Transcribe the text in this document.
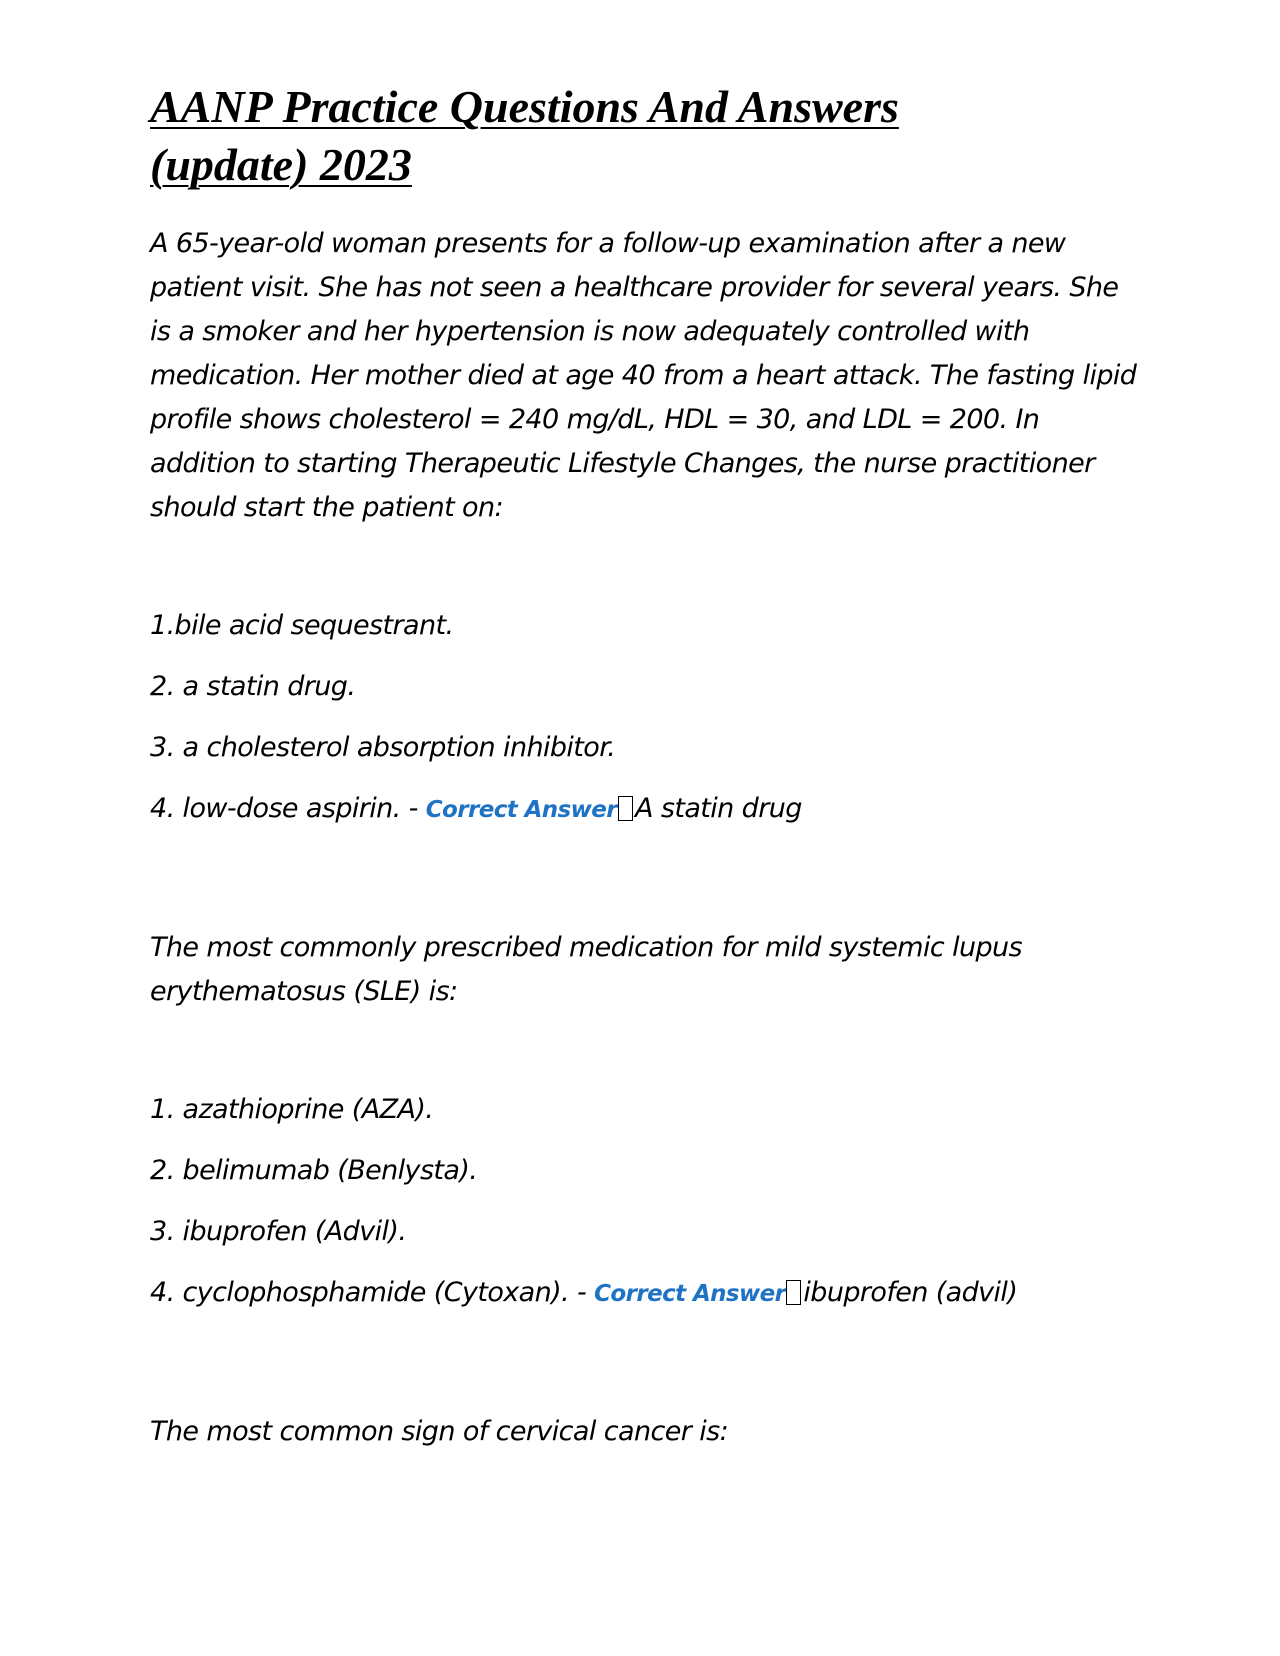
AANP Practice Questions And Answers
(update) 2023

A 65-year-old woman presents for a follow-up examination after a new patient visit. She has not seen a healthcare provider for several years. She is a smoker and her hypertension is now adequately controlled with medication. Her mother died at age 40 from a heart attack. The fasting lipid profile shows cholesterol = 240 mg/dL, HDL = 30, and LDL = 200. In addition to starting Therapeutic Lifestyle Changes, the nurse practitioner should start the patient on:

1.bile acid sequestrant.
2. a statin drug.
3. a cholesterol absorption inhibitor.
4. low-dose aspirin. - Correct Answer A statin drug

The most commonly prescribed medication for mild systemic lupus erythematosus (SLE) is:

1. azathioprine (AZA).
2. belimumab (Benlysta).
3. ibuprofen (Advil).
4. cyclophosphamide (Cytoxan). - Correct Answer ibuprofen (advil)

The most common sign of cervical cancer is:
